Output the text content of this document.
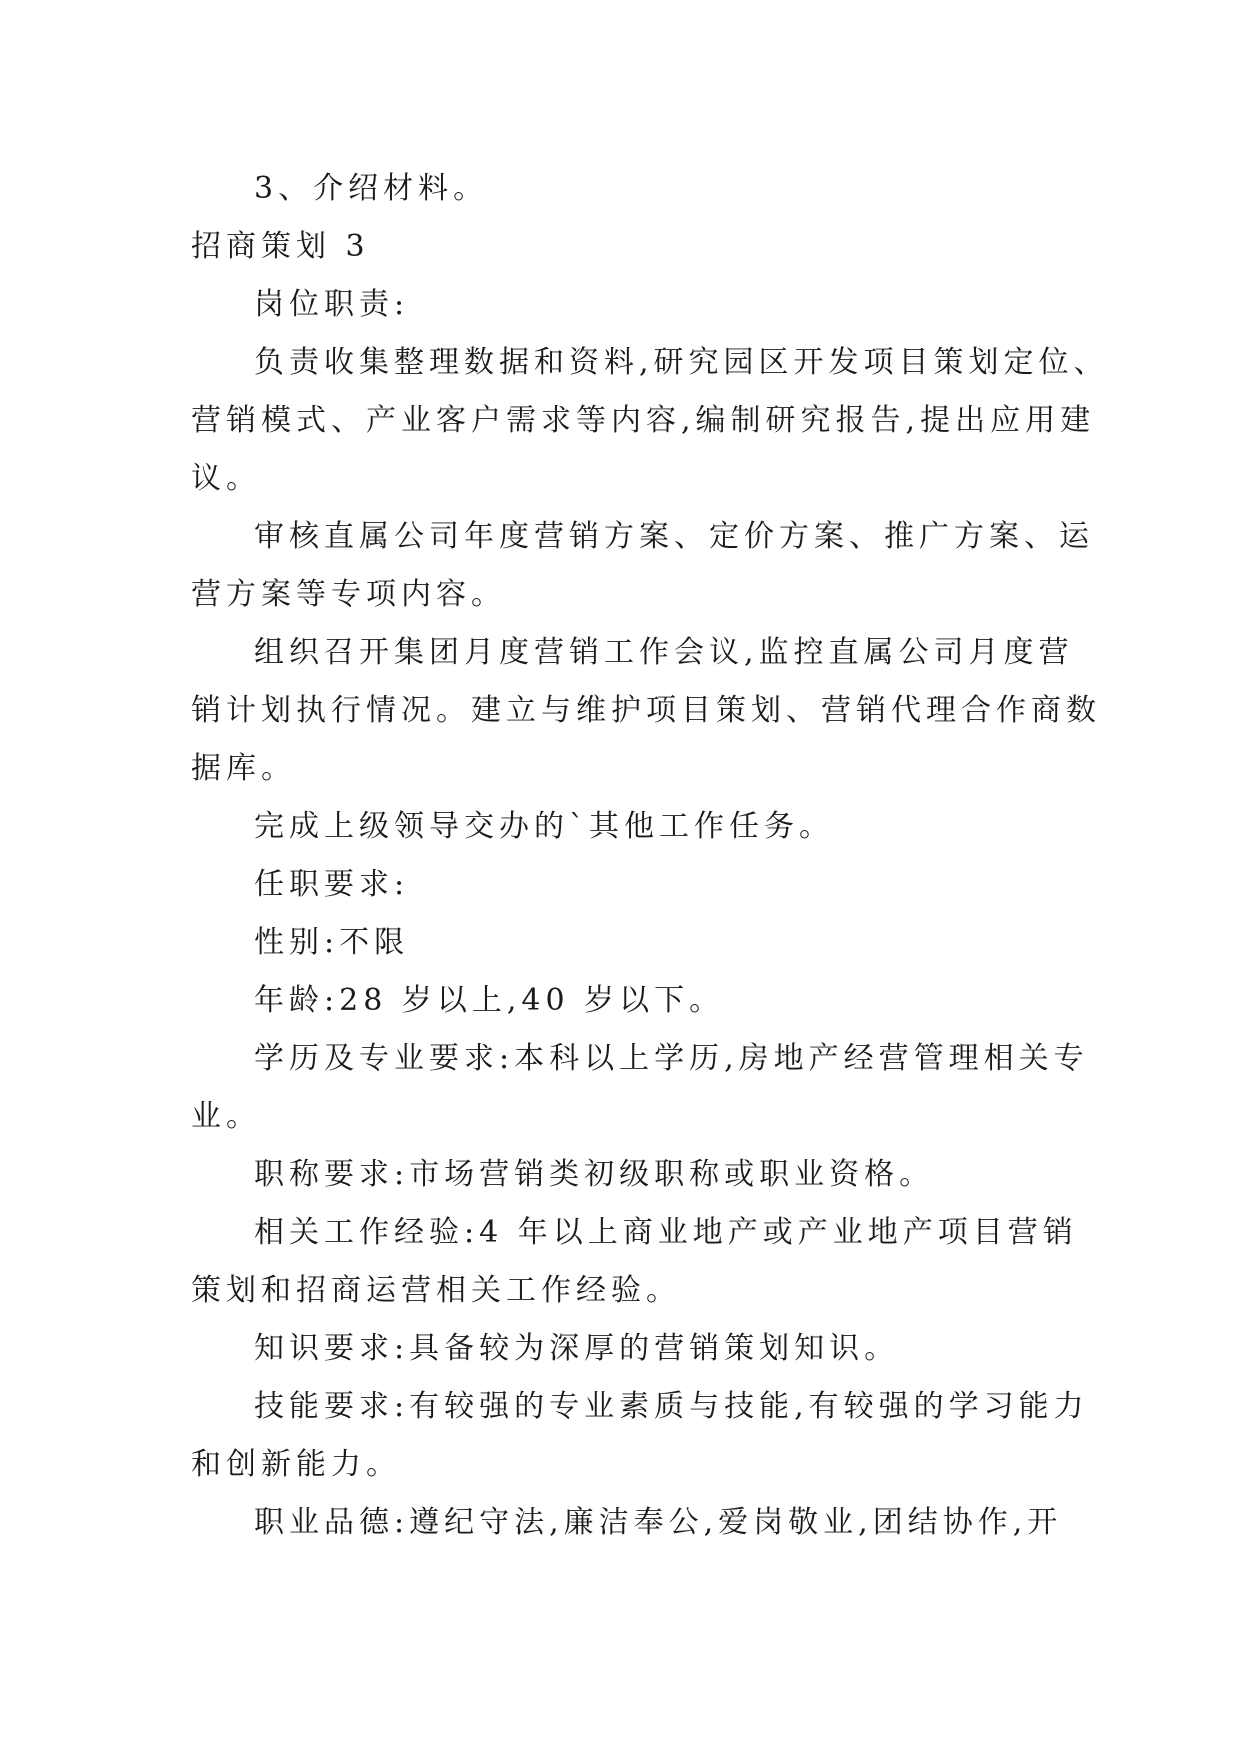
3、介绍材料。
招商策划 3
岗位职责:
负责收集整理数据和资料,研究园区开发项目策划定位、
营销模式、产业客户需求等内容,编制研究报告,提出应用建
议。
审核直属公司年度营销方案、定价方案、推广方案、运
营方案等专项内容。
组织召开集团月度营销工作会议,监控直属公司月度营
销计划执行情况。建立与维护项目策划、营销代理合作商数
据库。
完成上级领导交办的`其他工作任务。
任职要求:
性别:不限
年龄:28 岁以上,40 岁以下。
学历及专业要求:本科以上学历,房地产经营管理相关专
业。
职称要求:市场营销类初级职称或职业资格。
相关工作经验:4 年以上商业地产或产业地产项目营销
策划和招商运营相关工作经验。
知识要求:具备较为深厚的营销策划知识。
技能要求:有较强的专业素质与技能,有较强的学习能力
和创新能力。
职业品德:遵纪守法,廉洁奉公,爱岗敬业,团结协作,开
